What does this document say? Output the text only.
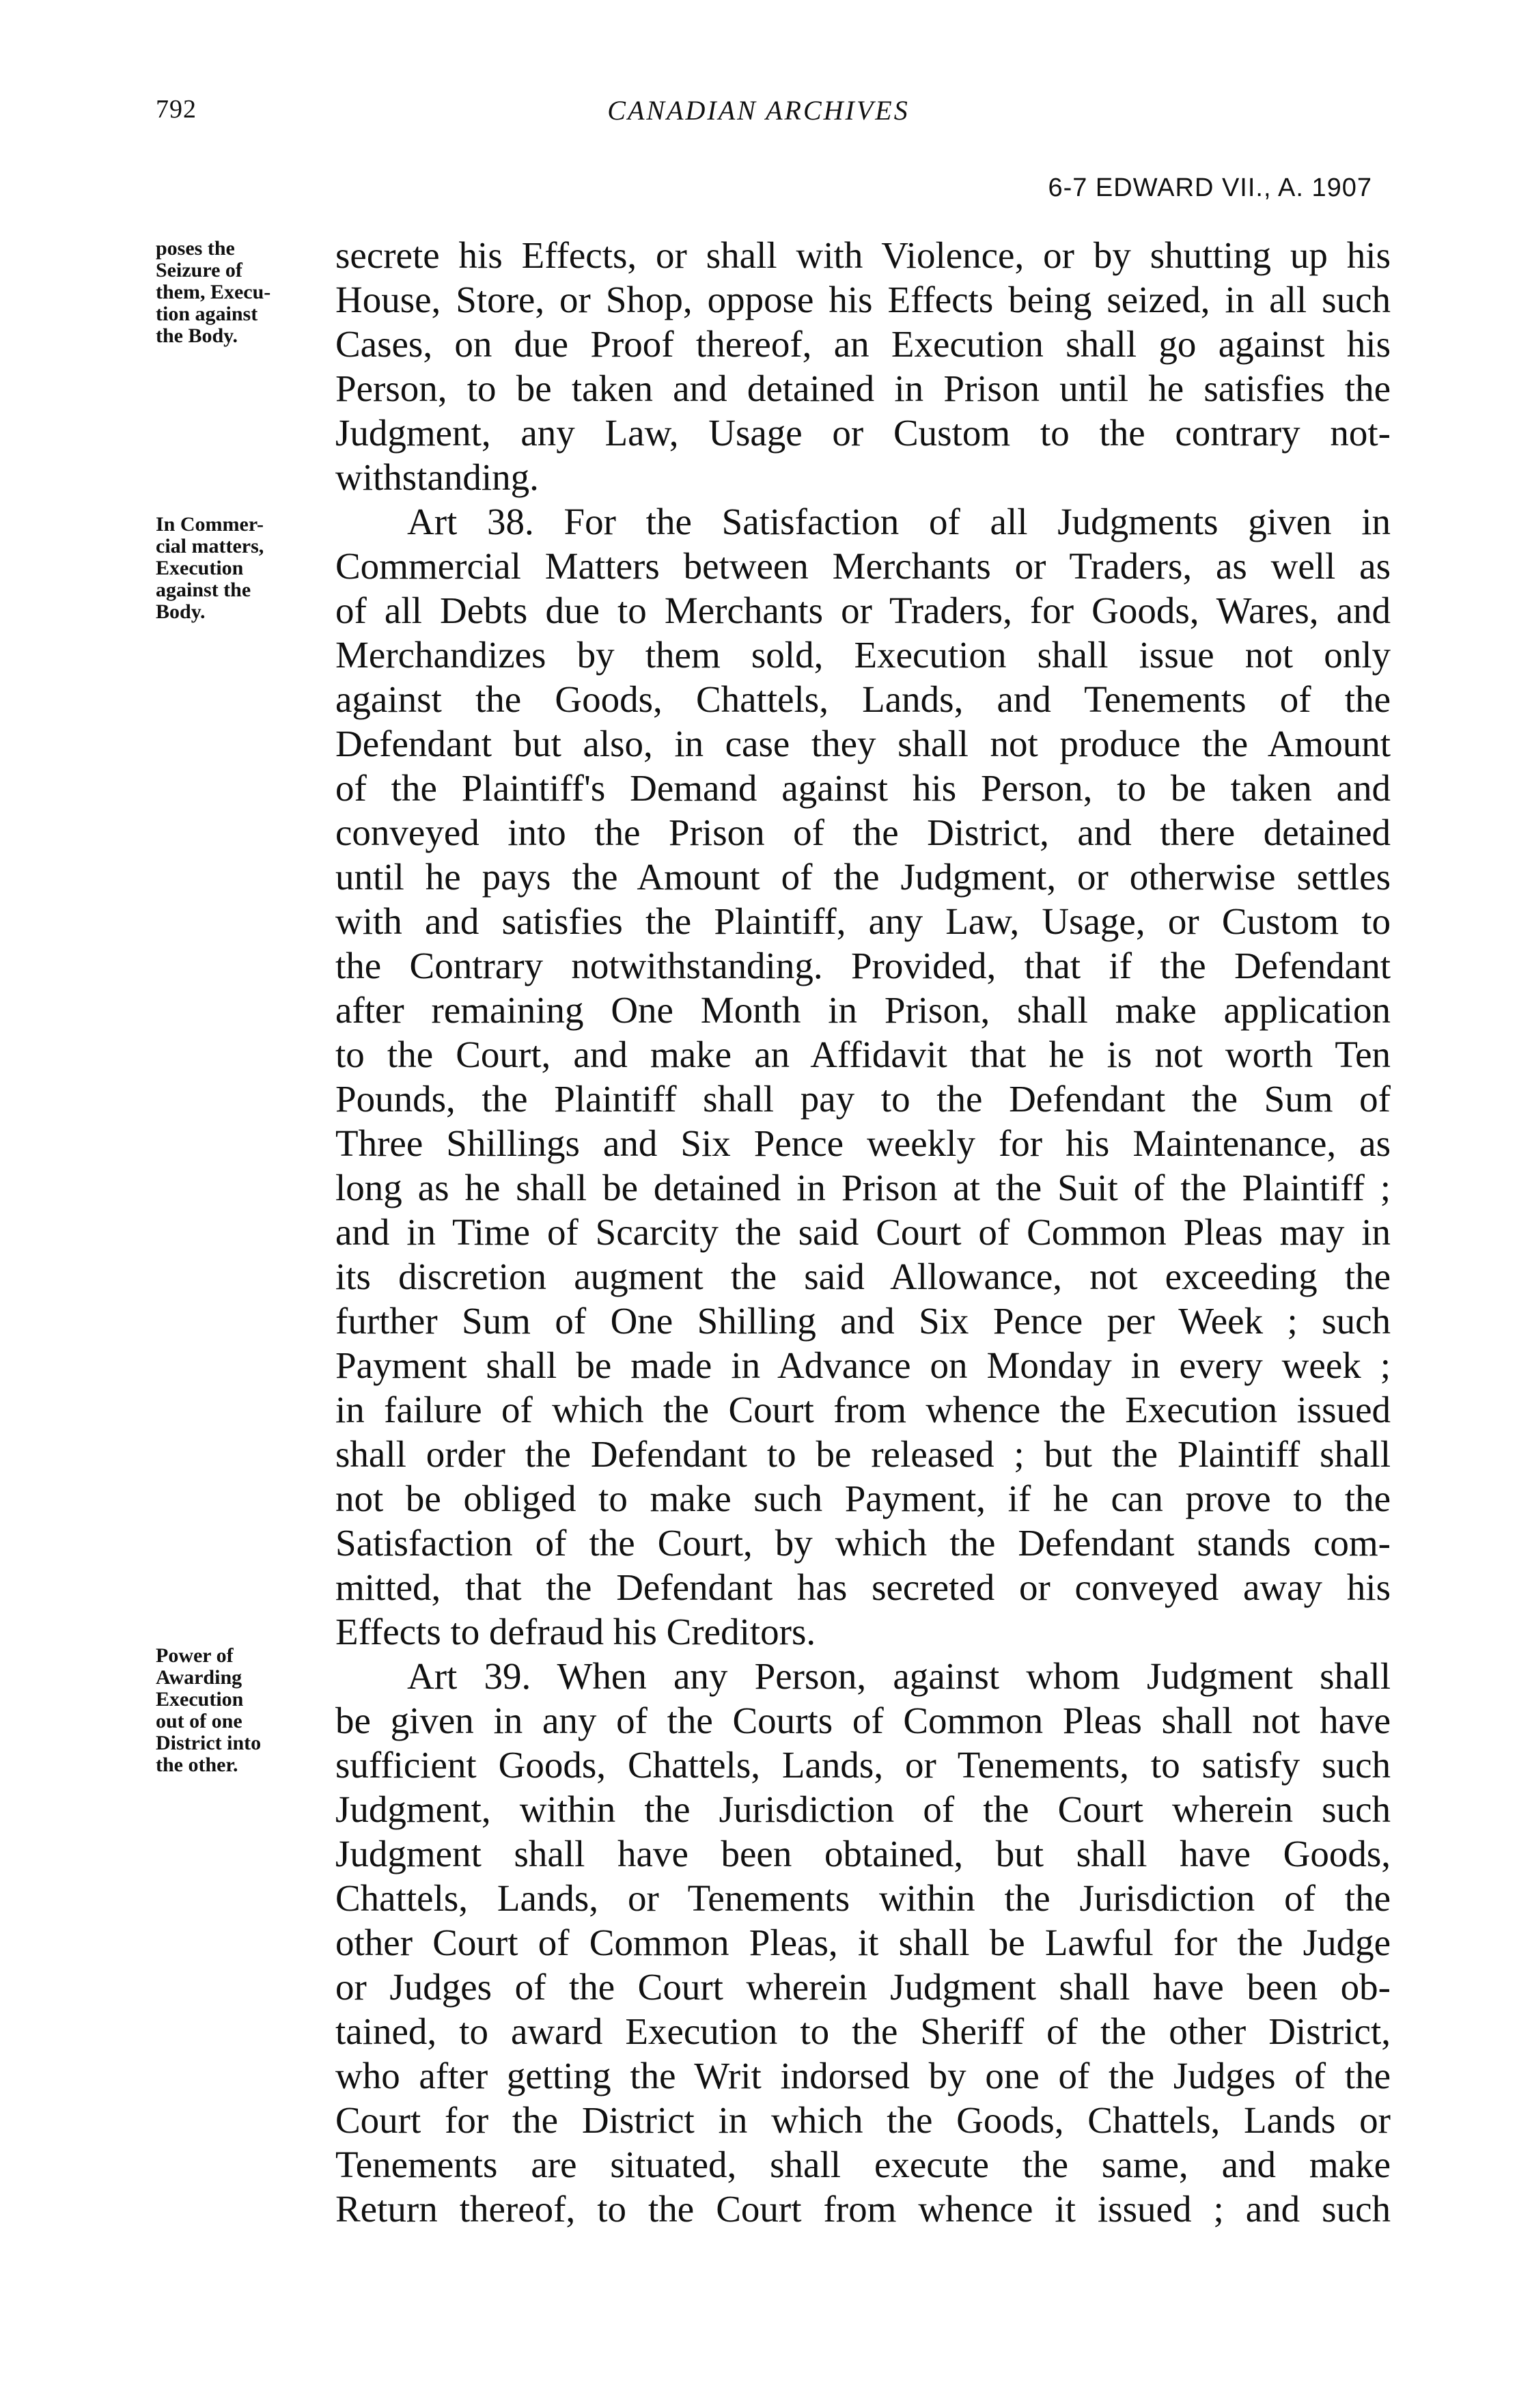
792	CANADIAN ARCHIVES
6-7 EDWARD VII., A. 1907
poses the
Seizure of
them, Execu-
tion against
the Body.
In Commer-
cial matters,
Execution
against the
Body.
Power of
Awarding
Execution
out of one
District into
the other.
secrete his Effects, or shall with Violence, or by shutting up his
House, Store, or Shop, oppose his Effects being seized, in all such
Cases, on due Proof thereof, an Execution shall go against his
Person, to be taken and detained in Prison until he satisfies the
Judgment, any Law, Usage or Custom to the contrary not-
withstanding.
Art 38. For the Satisfaction of all Judgments given in
Commercial Matters between Merchants or Traders, as well as
of all Debts due to Merchants or Traders, for Goods, Wares, and
Merchandizes by them sold, Execution shall issue not only
against the Goods, Chattels, Lands, and Tenements of the
Defendant but also, in case they shall not produce the Amount
of the Plaintiff's Demand against his Person, to be taken and
conveyed into the Prison of the District, and there detained
until he pays the Amount of the Judgment, or otherwise settles
with and satisfies the Plaintiff, any Law, Usage, or Custom to
the Contrary notwithstanding. Provided, that if the Defendant
after remaining One Month in Prison, shall make application
to the Court, and make an Affidavit that he is not worth Ten
Pounds, the Plaintiff shall pay to the Defendant the Sum of
Three Shillings and Six Pence weekly for his Maintenance, as
long as he shall be detained in Prison at the Suit of the Plaintiff ;
and in Time of Scarcity the said Court of Common Pleas may in
its discretion augment the said Allowance, not exceeding the
further Sum of One Shilling and Six Pence per Week ; such
Payment shall be made in Advance on Monday in every week ;
in failure of which the Court from whence the Execution issued
shall order the Defendant to be released ; but the Plaintiff shall
not be obliged to make such Payment, if he can prove to the
Satisfaction of the Court, by which the Defendant stands com-
mitted, that the Defendant has secreted or conveyed away his
Effects to defraud his Creditors.
Art 39. When any Person, against whom Judgment shall
be given in any of the Courts of Common Pleas shall not have
sufficient Goods, Chattels, Lands, or Tenements, to satisfy such
Judgment, within the Jurisdiction of the Court wherein such
Judgment shall have been obtained, but shall have Goods,
Chattels, Lands, or Tenements within the Jurisdiction of the
other Court of Common Pleas, it shall be Lawful for the Judge
or Judges of the Court wherein Judgment shall have been ob-
tained, to award Execution to the Sheriff of the other District,
who after getting the Writ indorsed by one of the Judges of the
Court for the District in which the Goods, Chattels, Lands or
Tenements are situated, shall execute the same, and make
Return thereof, to the Court from whence it issued ; and such
